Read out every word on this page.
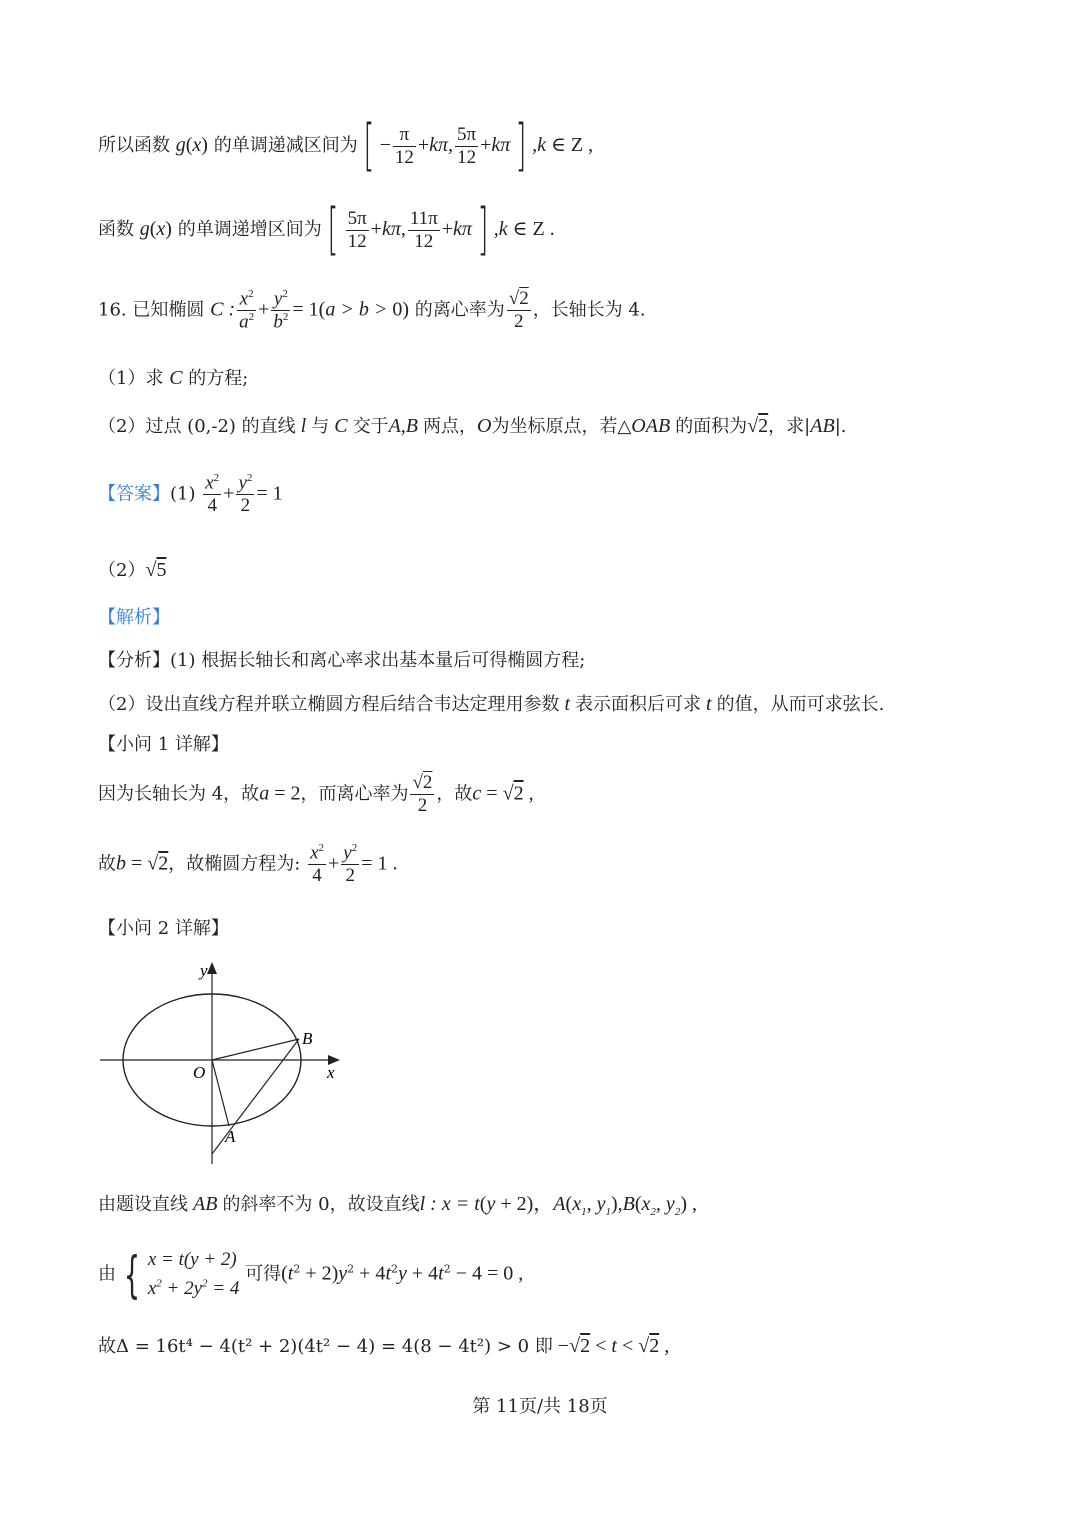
所以函数 g(x) 的单调递减区间为[ − $\frac{\pi}{12} +k\pi$, $\frac{5\pi}{12} +k\pi$] ,k ∈ Z ,
函数 g(x) 的单调递增区间为[ $\frac{5\pi}{12} +k\pi$, $\frac{11\pi}{12} +k\pi$] ,k ∈ Z .
16. 已知椭圆 C : $\frac{x^2}{a^2} + \frac{y^2}{b^2} = 1(a > b > 0)$ 的离心率为 $\frac{√2}{2}$ ，长轴长为 4.
（1）求 C 的方程;
（2）过点 (0,-2) 的直线 l 与 C 交于A,B 两点，O为坐标原点，若△OAB 的面积为√2，求|AB|.
【答案】$(1) \frac{x^2}{4} + \frac{y^2}{2} = 1$
（2）√5
【解析】
【分析】(1) 根据长轴长和离心率求出基本量后可得椭圆方程;
（2）设出直线方程并联立椭圆方程后结合韦达定理用参数 t 表示面积后可求 t 的值，从而可求弦长.
【小问 1 详解】
因为长轴长为 4，故a = 2，而离心率为 $\frac{√2}{2}$ ，故c = √2 ,
故b = √2，故椭圆方程为: $\frac{x^2}{4} + \frac{y^2}{2} = 1$ .
【小问 2 详解】
y
x
O
A
B
由题设直线 AB 的斜率不为 0，故设直线l : x = t(y + 2)，$A(x_1$, $y_1),B(x_2$, $y_2$) ,
由 { x = t(y + 2)
$x^2 + 2y^2 = 4$
可得$(t^2 + 2)y^2 + 4t^2y + 4t^2 - 4 = 0$ ,
故Δ = 16t⁴ − 4(t² + 2)(4t² − 4) = 4(8 − 4t²) > 0 即 −√2 < t < √2 ,
第 11页/共 18页
